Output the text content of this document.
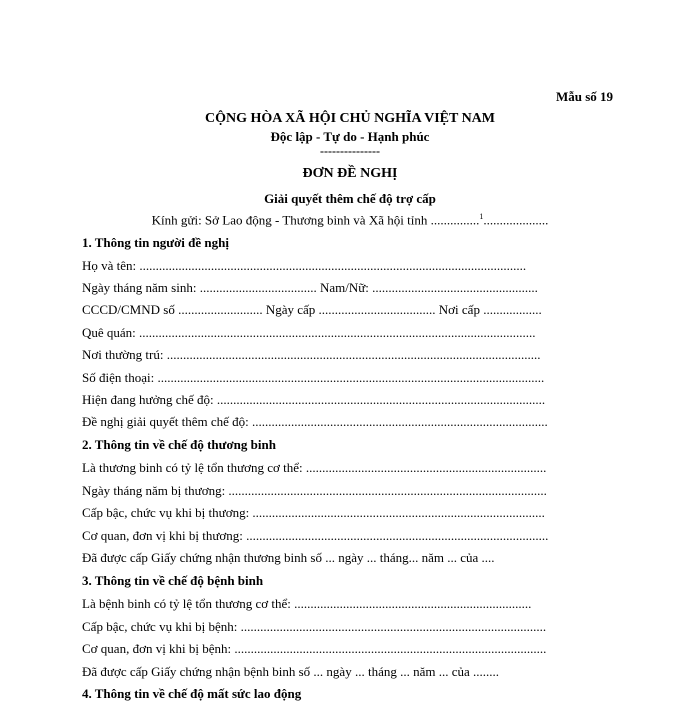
Mẫu số 19
CỘNG HÒA XÃ HỘI CHỦ NGHĨA VIỆT NAM
Độc lập - Tự do - Hạnh phúc
---------------
ĐƠN ĐỀ NGHỊ
Giải quyết thêm chế độ trợ cấp
Kính gửi: Sở Lao động - Thương binh và Xã hội tỉnh ...............$^1$....................
1. Thông tin người đề nghị
Họ và tên: .......................................................................................................................
Ngày tháng năm sinh: .................................... Nam/Nữ: ...................................................
CCCD/CMND số .......................... Ngày cấp .................................... Nơi cấp ..................
Quê quán: ..........................................................................................................................
Nơi thường trú: ...................................................................................................................
Số điện thoại: .......................................................................................................................
Hiện đang hưởng chế độ: .....................................................................................................
Đề nghị giải quyết thêm chế độ: ...........................................................................................
2. Thông tin về chế độ thương binh
Là thương binh có tỷ lệ tổn thương cơ thể: ..........................................................................
Ngày tháng năm bị thương: ..................................................................................................
Cấp bậc, chức vụ khi bị thương: ..........................................................................................
Cơ quan, đơn vị khi bị thương: .............................................................................................
Đã được cấp Giấy chứng nhận thương binh số ... ngày ... tháng... năm ... của ....
3. Thông tin về chế độ bệnh binh
Là bệnh binh có tỷ lệ tổn thương cơ thể: .........................................................................
Cấp bậc, chức vụ khi bị bệnh: ..............................................................................................
Cơ quan, đơn vị khi bị bệnh: ................................................................................................
Đã được cấp Giấy chứng nhận bệnh binh số ... ngày ... tháng ... năm ... của ........
4. Thông tin về chế độ mất sức lao động
